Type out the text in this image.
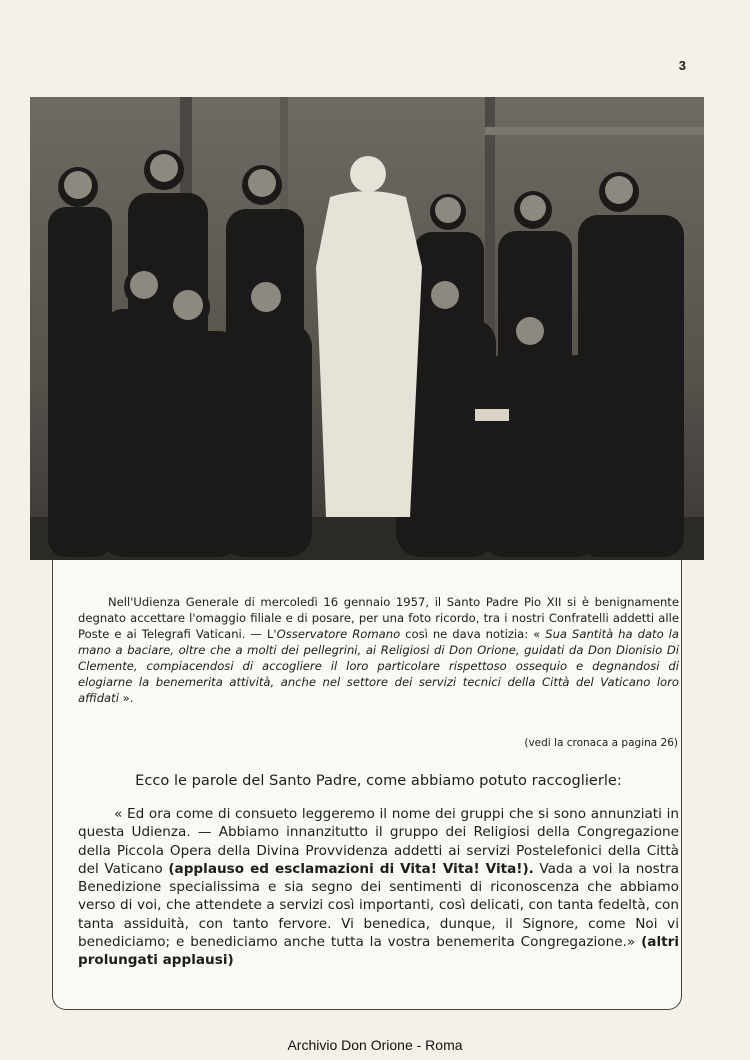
3

Nell'Udienza Generale di mercoledì 16 gennaio 1957, il Santo Padre Pio XII si è benignamente degnato accettare l'omaggio filiale e di posare, per una foto ricordo, tra i nostri Confratelli addetti alle Poste e ai Telegrafi Vaticani. — L'Osservatore Romano così ne dava notizia: « Sua Santità ha dato la mano a baciare, oltre che a molti dei pellegrini, ai Religiosi di Don Orione, guidati da Don Dionisio Di Clemente, compiacendosi di accogliere il loro particolare rispettoso ossequio e degnandosi di elogiarne la benemerita attività, anche nel settore dei servizi tecnici della Città del Vaticano loro affidati ».

(vedi la cronaca a pagina 26)

Ecco le parole del Santo Padre, come abbiamo potuto raccoglierle:

« Ed ora come di consueto leggeremo il nome dei gruppi che si sono annunziati in questa Udienza. — Abbiamo innanzitutto il gruppo dei Religiosi della Congregazione della Piccola Opera della Divina Provvidenza addetti ai servizi Postelefonici della Città del Vaticano (applauso ed esclamazioni di Vita! Vita! Vita!). Vada a voi la nostra Benedizione specialissima e sia segno dei sentimenti di riconoscenza che abbiamo verso di voi, che attendete a servizi così importanti, così delicati, con tanta fedeltà, con tanta assiduità, con tanto fervore. Vi benedica, dunque, il Signore, come Noi vi benediciamo; e benediciamo anche tutta la vostra benemerita Congregazione.» (altri prolungati applausi)

Archivio Don Orione - Roma
